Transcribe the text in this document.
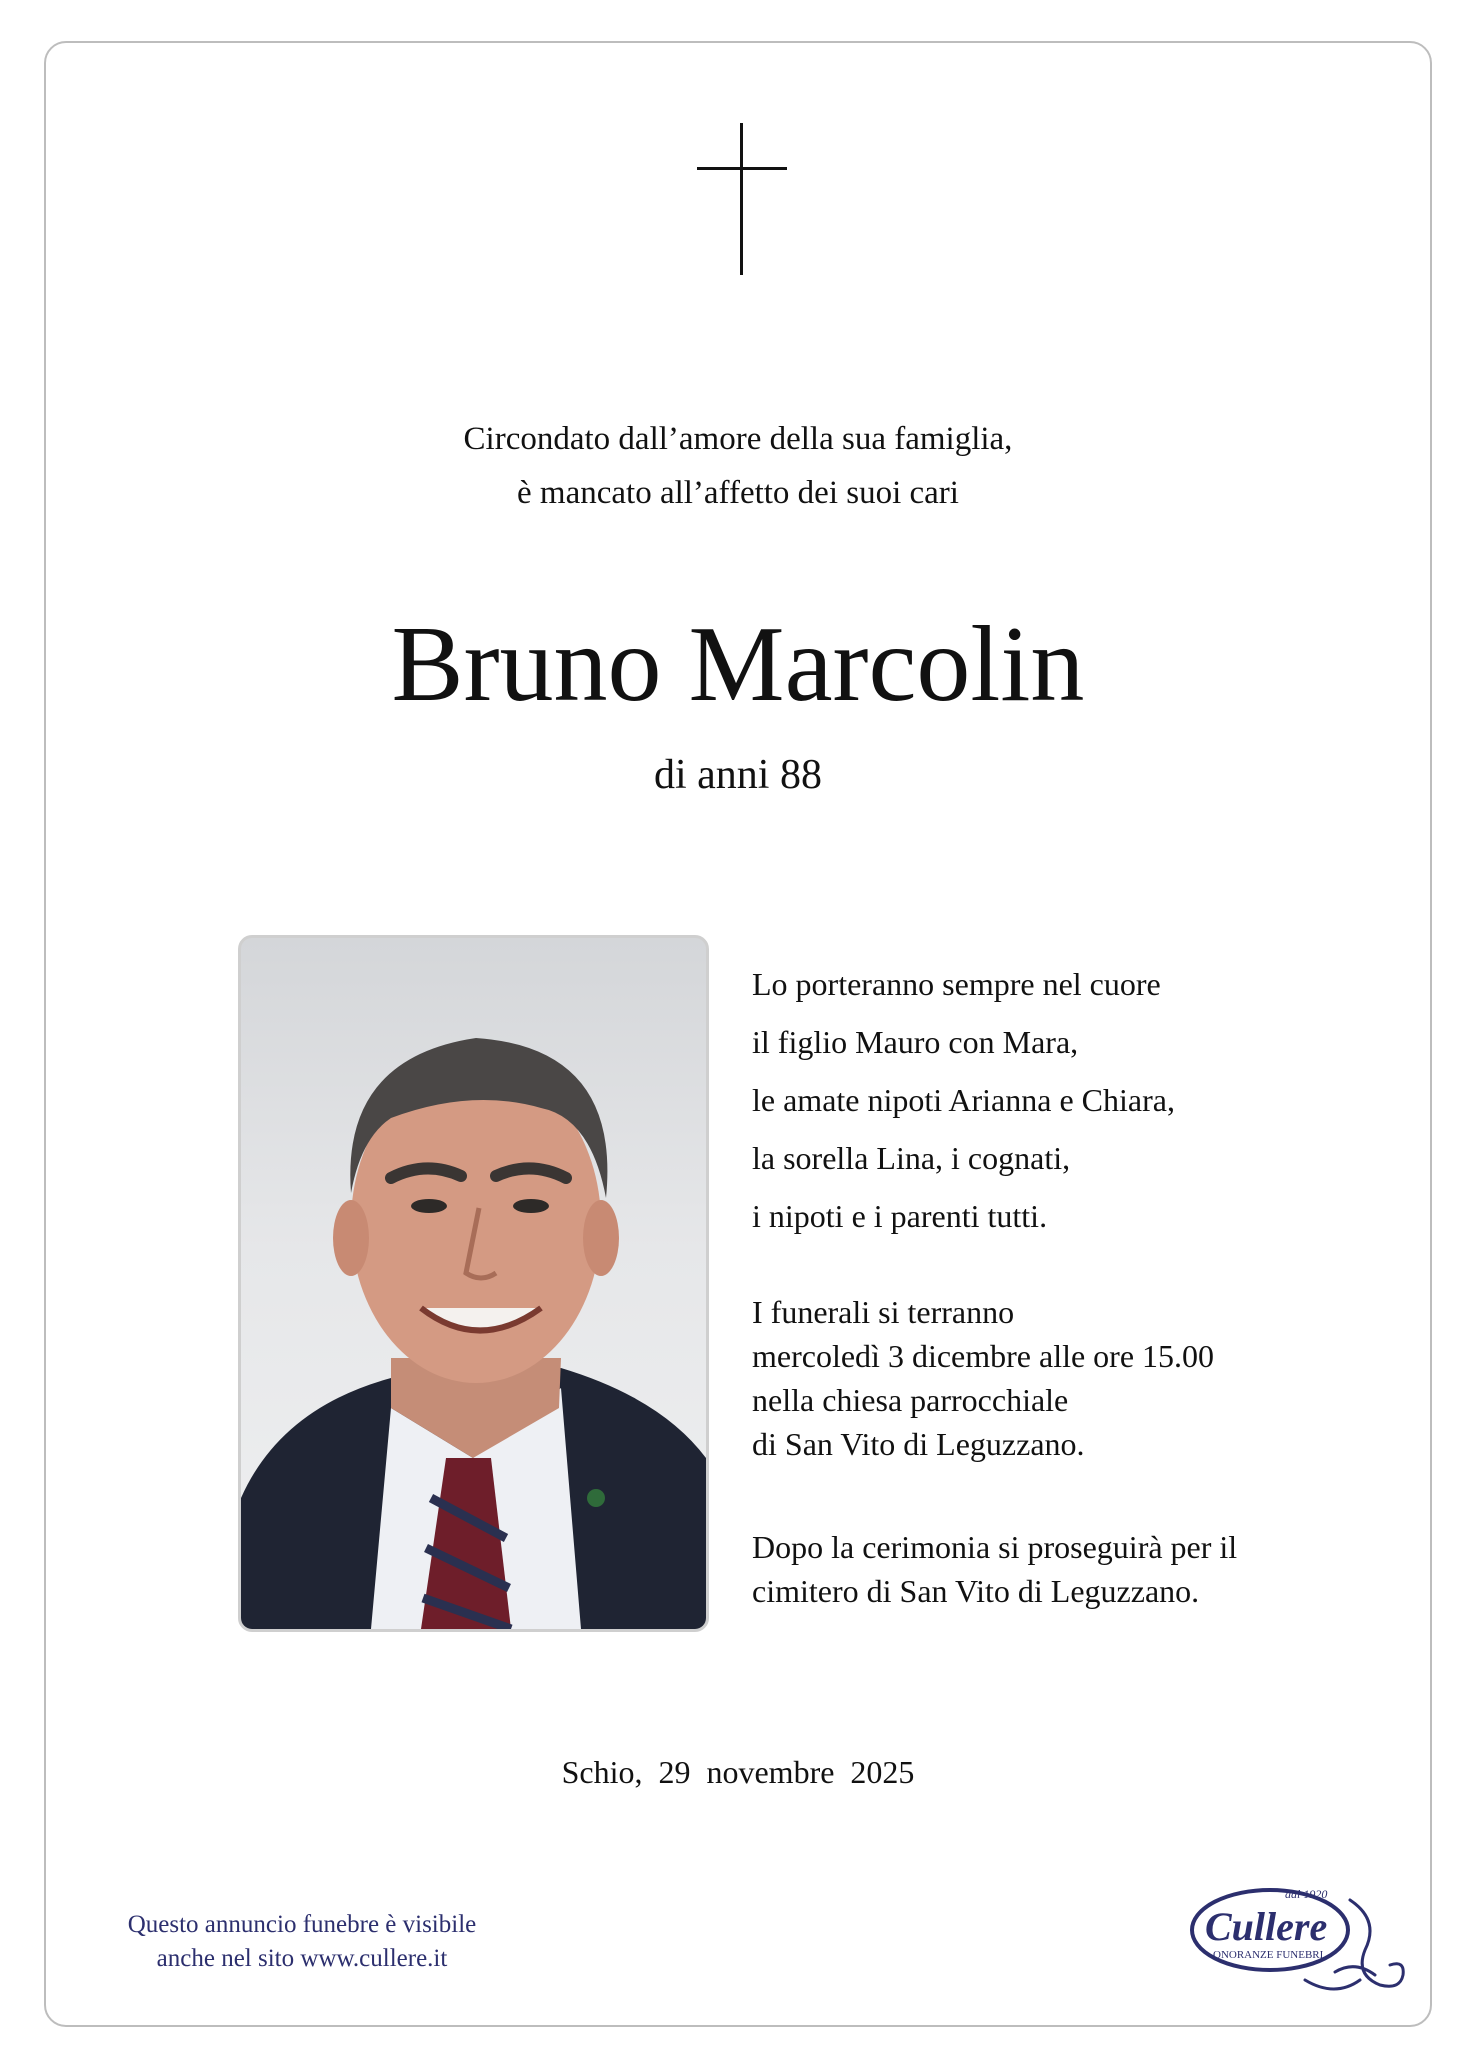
Circondato dall’amore della sua famiglia,
è mancato all’affetto dei suoi cari
Bruno Marcolin
di anni 88
Lo porteranno sempre nel cuore
il figlio Mauro con Mara,
le amate nipoti Arianna e Chiara,
la sorella Lina, i cognati,
i nipoti e i parenti tutti.
I funerali si terranno
mercoledì 3 dicembre alle ore 15.00
nella chiesa parrocchiale
di San Vito di Leguzzano.
Dopo la cerimonia si proseguirà per il
cimitero di San Vito di Leguzzano.
Schio, 29 novembre 2025
Questo annuncio funebre è visibile
anche nel sito www.cullere.it
dal 1920
Cullere
ONORANZE FUNEBRI
